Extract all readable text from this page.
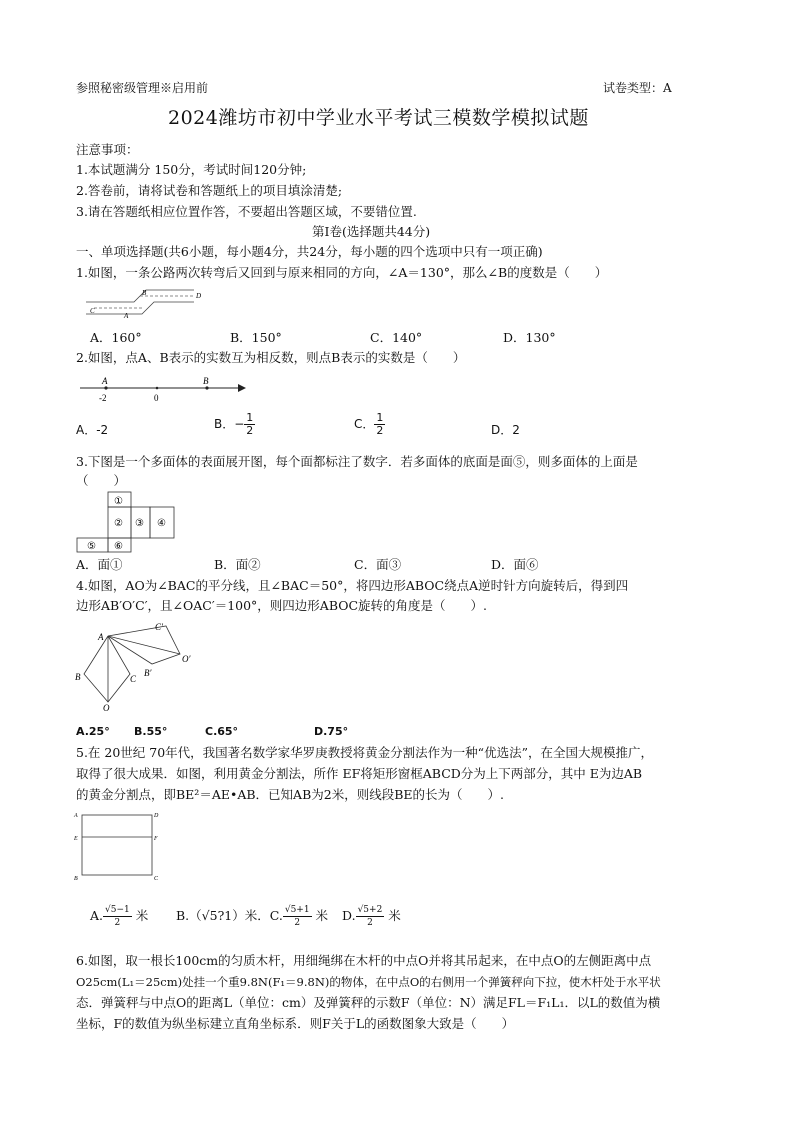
参照秘密级管理※启用前	试卷类型：A
2024潍坊市初中学业水平考试三模数学模拟试题
注意事项：
1.本试题满分 150分，考试时间120分钟;
2.答卷前，请将试卷和答题纸上的项目填涂清楚;
3.请在答题纸相应位置作答，不要超出答题区域，不要错位置.
第Ⅰ卷(选择题共44分)
一、单项选择题(共6小题，每小题4分，共24分，每小题的四个选项中只有一项正确)
1.如图，一条公路两次转弯后又回到与原来相同的方向，∠A＝130°，那么∠B的度数是（　　）
B	D
C
A
A．160°	B．150°	C．140°	D．130°
2.如图，点A、B表示的实数互为相反数，则点B表示的实数是（　　）
A	B
-2	0
A．-2	B．− $\frac{1}{2}$	C． $\frac{1}{2}$	D．2
3.下图是一个多面体的表面展开图，每个面都标注了数字．若多面体的底面是面⑤，则多面体的上面是
（　　）
①
② ③ ④
⑤ ⑥
A．面①	B．面②	C．面③	D．面⑥
4.如图，AO为∠BAC的平分线，且∠BAC＝50°，将四边形ABOC绕点A逆时针方向旋转后，得到四
边形AB′O′C′，且∠OAC′＝100°，则四边形ABOC旋转的角度是（　　）.
A
C′
O′
B	C
B′
O
A.25° B.55°	C.65°	D.75°
5.在 20世纪 70年代，我国著名数学家华罗庚教授将黄金分割法作为一种“优选法”，在全国大规模推广，
取得了很大成果．如图，利用黄金分割法，所作 EF将矩形窗框ABCD分为上下两部分，其中 E为边AB
的黄金分割点，即BE²＝AE•AB．已知AB为2米，则线段BE的长为（　　）.
A	D
E	F
B	C
A. $\frac{√5-1}{2}$ 米 B.（√5?1）米．C. $\frac{√5+1}{2}$ 米 D. $\frac{√5+2}{2}$ 米
6.如图，取一根长100cm的匀质木杆，用细绳绑在木杆的中点O并将其吊起来，在中点O的左侧距离中点
O25cm(L₁＝25cm)处挂一个重9.8N(F₁＝9.8N)的物体，在中点O的右侧用一个弹簧秤向下拉，使木杆处于水平状
态．弹簧秤与中点O的距离L（单位：cm）及弹簧秤的示数F（单位：N）满足FL＝F₁L₁．以L的数值为横
坐标，F的数值为纵坐标建立直角坐标系．则F关于L的函数图象大致是（　　）
